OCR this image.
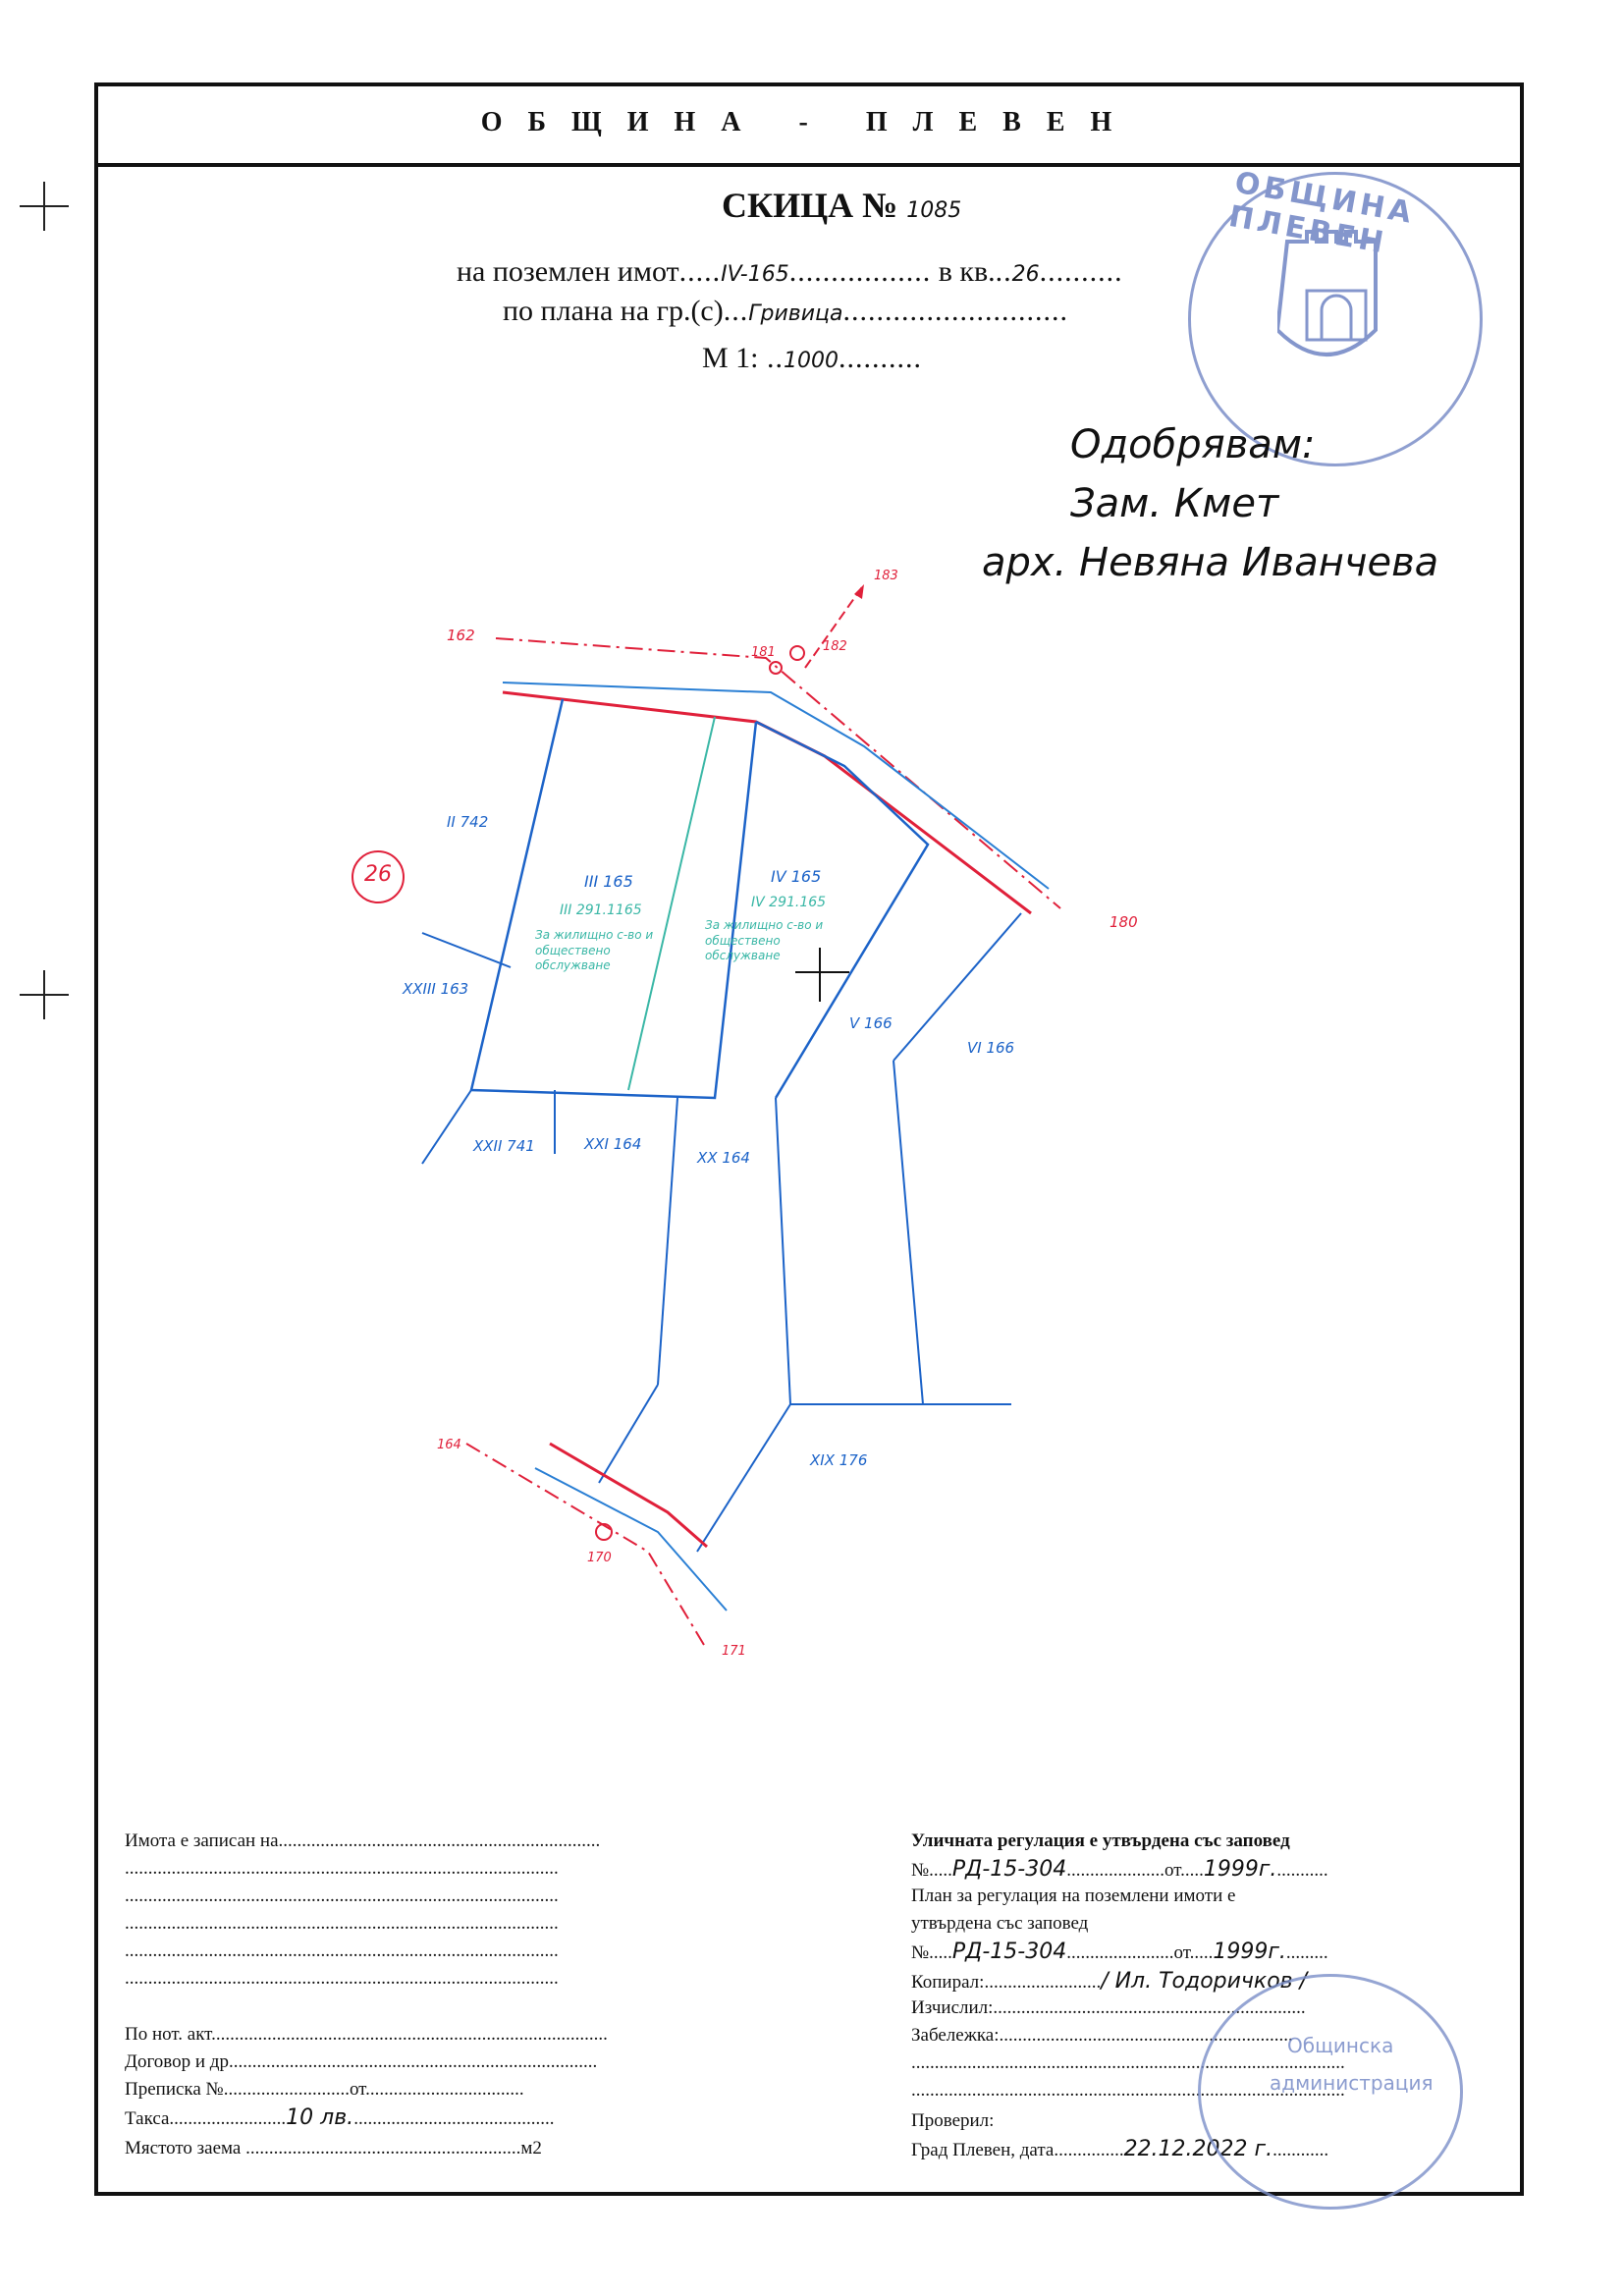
ОБЩИНА - ПЛЕВЕН
СКИЦА № 1085
на поземлен имот.....IV-165................. в кв...26..........
по плана на гр.(с)...Гривица...........................
М 1: ..1000..........
ОБЩИНА ПЛЕВЕН
Одобрявам:
Зам. Кмет
арх. Невяна Иванчева
26
162
181	182
183
180
164
170
171
III 165
III 291.1165
За жилищно с-во и обществено обслужване
IV 165
IV 291.165
За жилищно с-во и обществено обслужване
II 742
XXIII 163
XXII 741	XXI 164
XX 164
V 166
VI 166
XIX 176
Имота е записан на.....................................................................
.............................................................................................
.............................................................................................
.............................................................................................
.............................................................................................
.............................................................................................
По нот. акт.....................................................................................
Договор и др...............................................................................
Преписка №...........................от..................................
Такса.........................10 лв............................................
Мястото заема ...........................................................м2
Уличната регулация е утвърдена със заповед
№.....РД-15-304.....................от.....1999г............
План за регулация на поземлени имоти е
утвърдена със заповед
№.....РД-15-304.......................от.....1999г..........
Копирал:........................./ Ил. Тодоричков /
Изчислил:...................................................................
Забележка:...............................................................
.............................................................................................
.............................................................................................
Проверил:
Град Плевен, дата...............22.12.2022 г.............
Общинска
администрация
